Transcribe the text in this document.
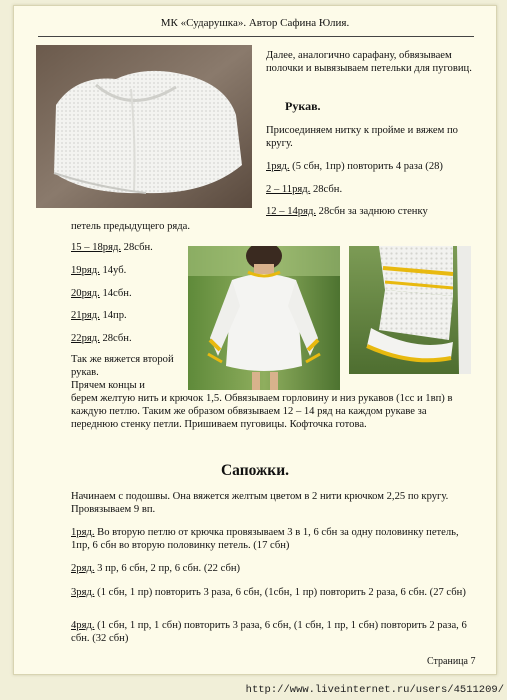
МК «Сударушка». Автор Сафина Юлия.

Далее, аналогично сарафану, обвязываем полочки и вывязываем петельки для пуговиц.

Рукав.

Присоединяем нитку к пройме и вяжем по кругу.

1ряд. (5 сбн, 1пр) повторить 4 раза (28)

2 – 11ряд. 28сбн.

12 – 14ряд. 28сбн за заднюю стенку

петель предыдущего ряда.

15 – 18ряд. 28сбн.

19ряд. 14уб.

20ряд. 14сбн.

21ряд. 14пр.

22ряд. 28сбн.

Так же вяжется второй рукав.

Прячем концы и

берем желтую нить и крючок 1,5. Обвязываем горловину и низ рукавов (1сс и 1вп) в каждую петлю. Таким же образом обвязываем 12 – 14 ряд на каждом рукаве за переднюю стенку петли. Пришиваем пуговицы. Кофточка готова.

Сапожки.

Начинаем с подошвы. Она вяжется желтым цветом в 2 нити крючком 2,25 по кругу. Провязываем 9 вп.

1ряд. Во вторую петлю от крючка провязываем 3 в 1, 6 сбн за одну половинку петель, 1пр, 6 сбн во вторую половинку петель. (17 сбн)

2ряд. 3 пр, 6 сбн, 2 пр, 6 сбн. (22 сбн)

3ряд. (1 сбн, 1 пр) повторить 3 раза, 6 сбн, (1сбн, 1 пр) повторить 2 раза, 6 сбн. (27 сбн)

4ряд. (1 сбн, 1 пр, 1 сбн) повторить 3 раза, 6 сбн, (1 сбн, 1 пр, 1 сбн) повторить 2 раза, 6 сбн. (32 сбн)

Страница 7
http://www.liveinternet.ru/users/4511209/
